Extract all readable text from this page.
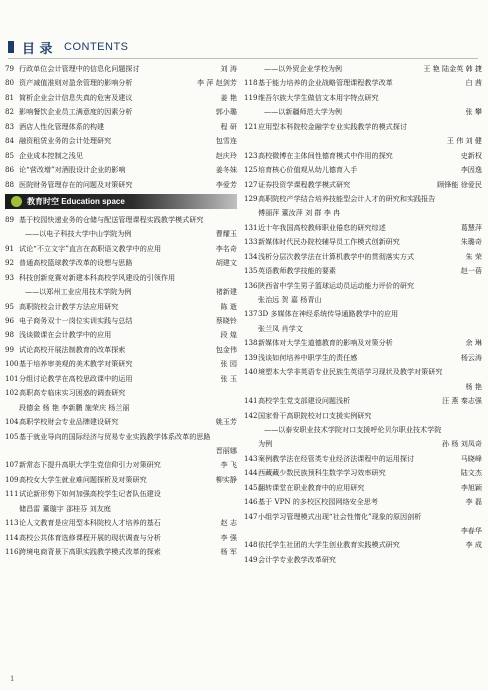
目 录 CONTENTS
79 行政单位会计管理中的信息化问题探讨	刘 涛
80 资产减值准则对盈余管理的影响分析	李 萍 赵剑芳
81 简析企业会计信息失真的危害及建议	姜 艳
82 影响餐饮企业员工满意度的因素分析	郭小璐
83 酒店人性化管理体系的构建	程 研
84 融资租赁业务的会计处理研究	包雪连
85 企业成本控制之浅见	赵庆玲
86 论“营改增”对酒股设计企业的影响	姜冬妹
88 医院财务管理存在的问题及对策研究	李爱芳
教育时空 Education space
89 基于校园快递业务的仓储与配送管理课程实践教学模式研究
——以电子科技大学中山学院为例	曹耀玉
91 试论“不立文字”直言在高职语文教学中的应用	李名奇
92 普通高校篮球教学改革的设想与思路	胡建文
93 科技创新竞赛对新建本科高校学风建设的引领作用
——以郑州工业应用技术学院为例	褚新建
95 高职院校会计教学方法应用研究	陈 逝
96 电子商务双十一岗位实训实践与总结	蔡晓铃
98 浅谈微课在会计教学中的应用	段 煌
99 试论高校开展法制教育的改革探索	包金伟
100基于培养审美观的美术教学对策研究	张 园
101分组讨论教学在高校思政课中的运用	张 玉
102高职高专临床实习困惑的调查研究
段德金 杨 艳 李新鹏 施荣庆 杨兰丽
104高职学校财会专业品牌建设研究	姚玉芳
105基于就业导向的国际经济与贸易专业实践教学体系改革的思路
晋丽娜
107新常态下提升高职大学生党信仰引力对策研究	李 飞
109高校女大学生就业难问题探析及对策研究	柳实静
111试论新形势下如何加强高校学生记者队伍建设
储昌雷 董璇宇 邵桂芬 刘友庭
113论人文教育是应用型本科院校人才培养的基石	赵 志
114高校公共体育选修课程开展的现状调查与分析	李 强
116跨境电商背景下高职实践教学模式改革的探索	杨 军
——以外贸企业学校为例	王 艳 陆金英 韩 捷
118基于能力培养的企业战略管理课程教学改革	白 茜
119维吾尔族大学生做信文本用字特点研究
——以新疆师范大学为例	张 攀
121应用型本科院校金融学专业实践教学的模式探讨
王 伟 刘 健
123高校微博在主体间性德育模式中作用的探究	史新权
125培育核心价值观从幼儿德育入手	李因逸
127证券投资学课程教学模式研究	顾锋能 徐爱民
129高职院校产学结合培养技能型会计人才的研究和实践报告
傅丽萍 董汝萍 刘 群 李 冉
131近十年我国高校教师职业倦怠的研究综述	葛慧萍
133新媒体时代民办院校辅导员工作模式创新研究	朱璐奇
134浅析分层次教学法在计算机教学中的贯彻落实方式	朱 荣
135英语教师教学技能的要素	赵一蓓
136陕西省中学生男子篮球运动员运动能力评价的研究
张治远 贺 嘉 杨青山
1373D 多媒体在神经系统传导通路教学中的应用
张兰凤 肖学文
138新媒体对大学生道德教育的影响及对策分析	余 琳
139浅谈如何培养中职学生的责任感	杨云涛
140境塑本大学非英语专业民族生英语学习现状及教学对策研究
杨 艳
141高校学生党支部建设问题浅析	汪 燕 秦志强
142国家骨干高职院校对口支援实例研究
——以泰安职业技术学院对口支援呼伦贝尔职业技术学院
为例	孙 杨 刘凤奇
143案例教学法在经管类专业经济法课程中的运用探讨	马晓峰
144西藏藏少数民族预科生数学学习效率研究	陆文杰
145翻转课堂在职业教育中的应用研究	李旭颖
146基于 VPN 的多校区校园网络安全思考	李 磊
147小组学习管理模式出现“社会性惰化”现象的原因剖析
李春华
148依托学生社团的大学生创业教育实践模式研究	李 成
149会计学专业教学改革研究
1
